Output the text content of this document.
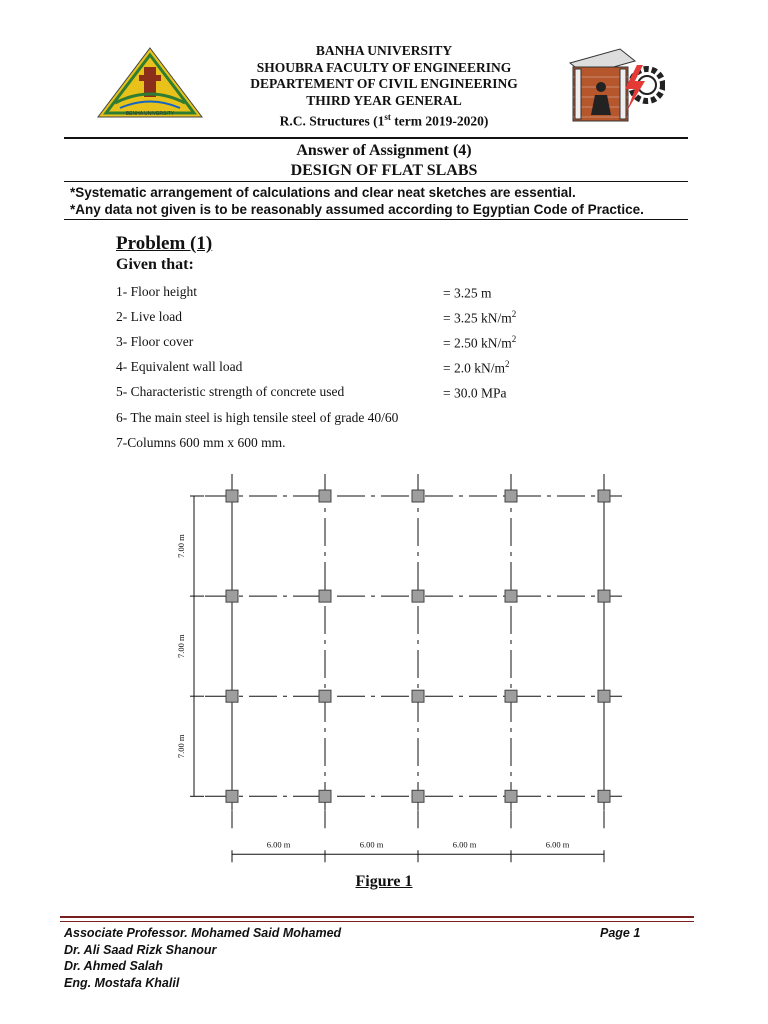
BENHA UNIVERSITY
BANHA UNIVERSITY
SHOUBRA FACULTY OF ENGINEERING
DEPARTEMENT OF CIVIL ENGINEERING
THIRD YEAR GENERAL
R.C. Structures (1st term 2019-2020)
Answer of Assignment (4)
DESIGN OF FLAT SLABS
*Systematic arrangement of calculations and clear neat sketches are essential.
*Any data not given is to be reasonably assumed according to Egyptian Code of Practice.
Problem (1)
Given that:
1- Floor height	= 3.25 m
2- Live load	= 3.25 $kN/m^2$
3- Floor cover	= 2.50 $kN/m^2$
4- Equivalent wall load	= 2.0 $kN/m^2$
5- Characteristic strength of concrete used	= 30.0 MPa
6- The main steel is high tensile steel of grade 40/60
7-Columns 600 mm x 600 mm.
7.00 m
7.00 m
7.00 m
6.00 m	6.00 m	6.00 m	6.00 m
Figure 1
Associate Professor. Mohamed Said Mohamed
Dr. Ali Saad Rizk Shanour
Dr. Ahmed Salah
Eng. Mostafa Khalil
Page 1
